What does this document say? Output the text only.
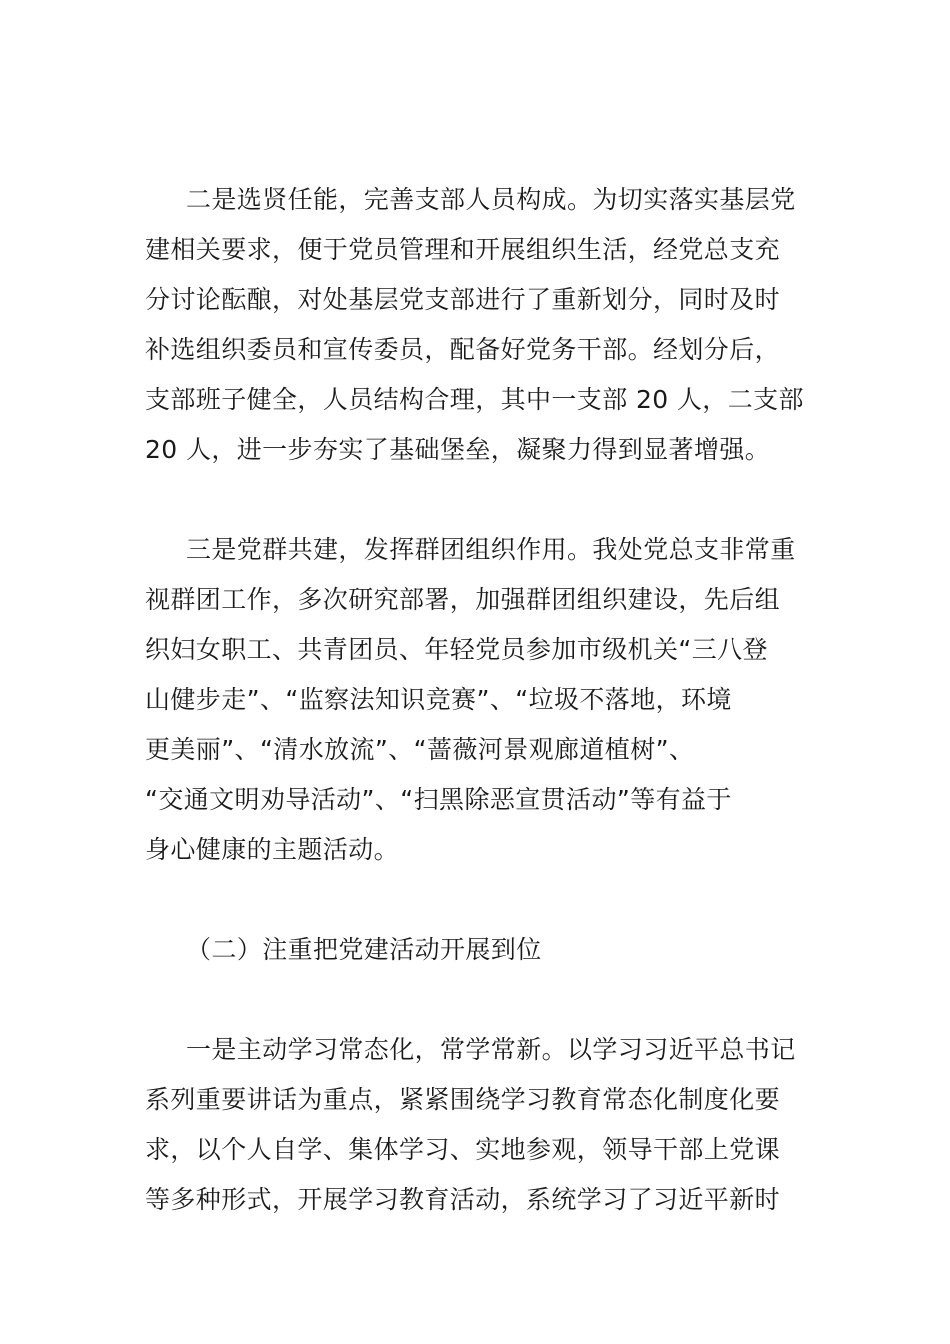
二是选贤任能，完善支部人员构成。为切实落实基层党
建相关要求，便于党员管理和开展组织生活，经党总支充
分讨论酝酿，对处基层党支部进行了重新划分，同时及时
补选组织委员和宣传委员，配备好党务干部。经划分后，
支部班子健全，人员结构合理，其中一支部 20 人，二支部
20 人，进一步夯实了基础堡垒，凝聚力得到显著增强。
三是党群共建，发挥群团组织作用。我处党总支非常重
视群团工作，多次研究部署，加强群团组织建设，先后组
织妇女职工、共青团员、年轻党员参加市级机关“三八登
山健步走”、“监察法知识竞赛”、“垃圾不落地，环境
更美丽”、“清水放流”、“蔷薇河景观廊道植树”、
“交通文明劝导活动”、“扫黑除恶宣贯活动”等有益于
身心健康的主题活动。
（二）注重把党建活动开展到位
一是主动学习常态化，常学常新。以学习习近平总书记
系列重要讲话为重点，紧紧围绕学习教育常态化制度化要
求，以个人自学、集体学习、实地参观，领导干部上党课
等多种形式，开展学习教育活动，系统学习了习近平新时
